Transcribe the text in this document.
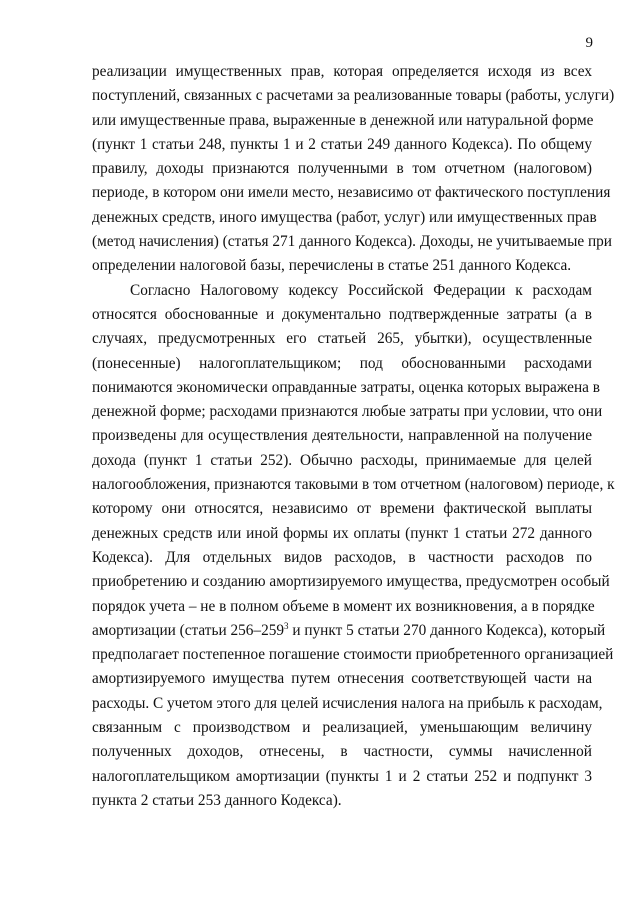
9
реализации имущественных прав, которая определяется исходя из всех
поступлений, связанных с расчетами за реализованные товары (работы, услуги)
или имущественные права, выраженные в денежной или натуральной форме
(пункт 1 статьи 248, пункты 1 и 2 статьи 249 данного Кодекса). По общему
правилу, доходы признаются полученными в том отчетном (налоговом)
периоде, в котором они имели место, независимо от фактического поступления
денежных средств, иного имущества (работ, услуг) или имущественных прав
(метод начисления) (статья 271 данного Кодекса). Доходы, не учитываемые при
определении налоговой базы, перечислены в статье 251 данного Кодекса.
Согласно Налоговому кодексу Российской Федерации к расходам
относятся обоснованные и документально подтвержденные затраты (а в
случаях, предусмотренных его статьей 265, убытки), осуществленные
(понесенные) налогоплательщиком; под обоснованными расходами
понимаются экономически оправданные затраты, оценка которых выражена в
денежной форме; расходами признаются любые затраты при условии, что они
произведены для осуществления деятельности, направленной на получение
дохода (пункт 1 статьи 252). Обычно расходы, принимаемые для целей
налогообложения, признаются таковыми в том отчетном (налоговом) периоде, к
которому они относятся, независимо от времени фактической выплаты
денежных средств или иной формы их оплаты (пункт 1 статьи 272 данного
Кодекса). Для отдельных видов расходов, в частности расходов по
приобретению и созданию амортизируемого имущества, предусмотрен особый
порядок учета – не в полном объеме в момент их возникновения, а в порядке
амортизации (статьи $256-259^3$ и пункт 5 статьи 270 данного Кодекса), который
предполагает постепенное погашение стоимости приобретенного организацией
амортизируемого имущества путем отнесения соответствующей части на
расходы. С учетом этого для целей исчисления налога на прибыль к расходам,
связанным с производством и реализацией, уменьшающим величину
полученных доходов, отнесены, в частности, суммы начисленной
налогоплательщиком амортизации (пункты 1 и 2 статьи 252 и подпункт 3
пункта 2 статьи 253 данного Кодекса).
